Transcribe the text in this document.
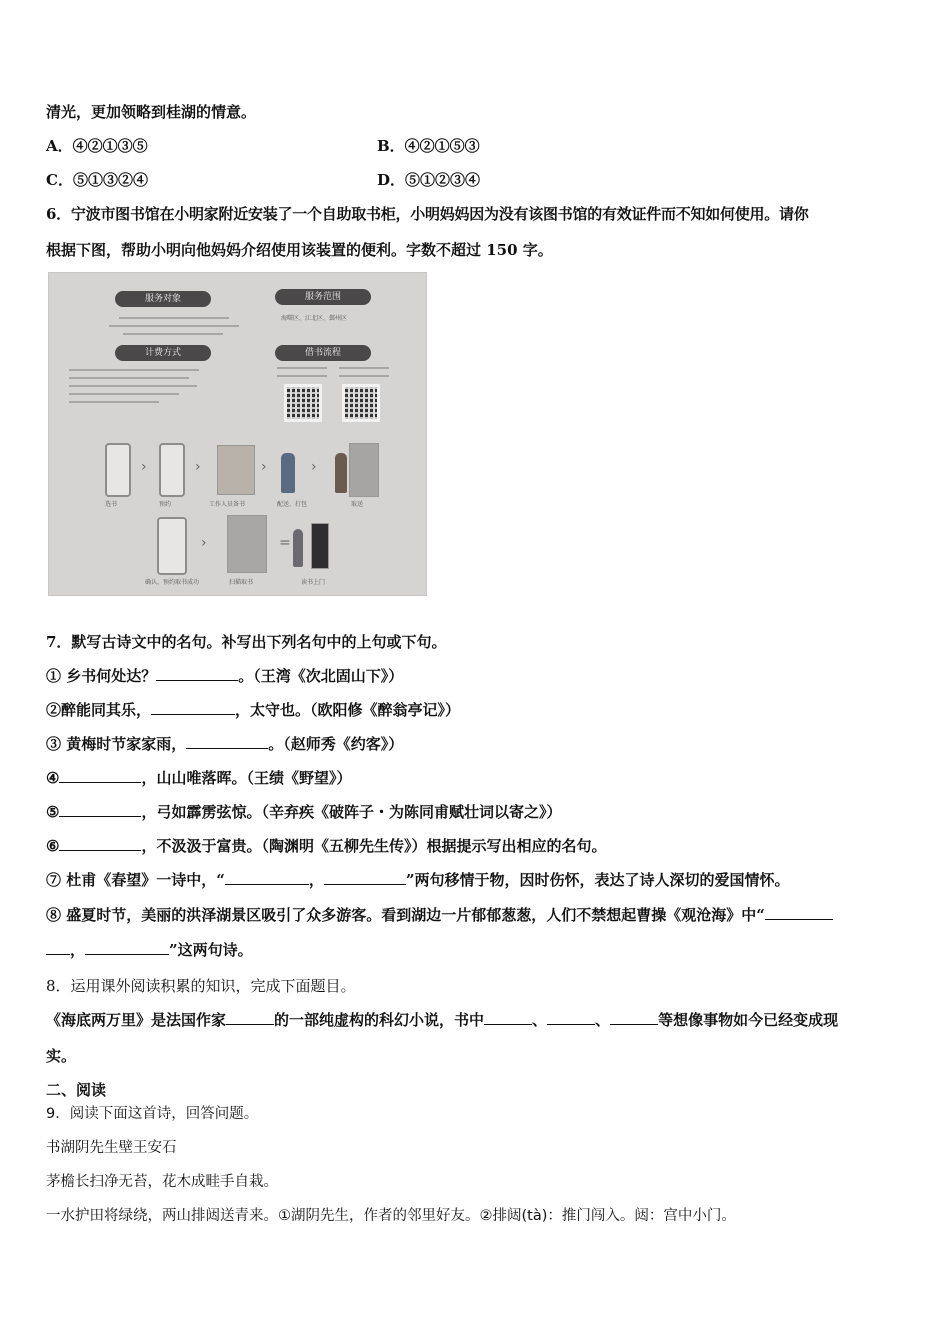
清光，更加领略到桂湖的情意。
A．④②①③⑤	B．④②①⑤③
C．⑤①③②④	D．⑤①②③④
6．宁波市图书馆在小明家附近安装了一个自助取书柜，小明妈妈因为没有该图书馆的有效证件而不知如何使用。请你
根据下图，帮助小明向他妈妈介绍使用该装置的便利。字数不超过 150 字。
服务对象	服务范围
海曙区、江北区、鄞州区
计费方式	借书流程
›	›	›	›
选书	预约	工作人员备书	配送、打包	取送
›	=
确认、预约取书成功	扫描取书	读书上门
7．默写古诗文中的名句。补写出下列名句中的上句或下句。
① 乡书何处达？	。（王湾《次北固山下》）
②醉能同其乐，	，太守也。（欧阳修《醉翁亭记》）
③ 黄梅时节家家雨，	。（赵师秀《约客》）
④	，山山唯落晖。（王绩《野望》）
⑤	，弓如霹雳弦惊。（辛弃疾《破阵子・为陈同甫赋壮词以寄之》）
⑥	，不汲汲于富贵。（陶渊明《五柳先生传》）根据提示写出相应的名句。
⑦ 杜甫《春望》一诗中，“	，	”两句移情于物，因时伤怀，表达了诗人深切的爱国情怀。
⑧ 盛夏时节，美丽的洪泽湖景区吸引了众多游客。看到湖边一片郁郁葱葱，人们不禁想起曹操《观沧海》中“
，	”这两句诗。
8．运用课外阅读积累的知识，完成下面题目。
《海底两万里》是法国作家	的一部纯虚构的科幻小说，书中	、	、	等想像事物如今已经变成现
实。
二、阅读
9．阅读下面这首诗，回答问题。
书湖阴先生壁王安石
茅檐长扫净无苔，花木成畦手自栽。
一水护田将绿绕，两山排闼送青来。①湖阴先生，作者的邻里好友。②排闼(tà)：推门闯入。闼：宫中小门。
